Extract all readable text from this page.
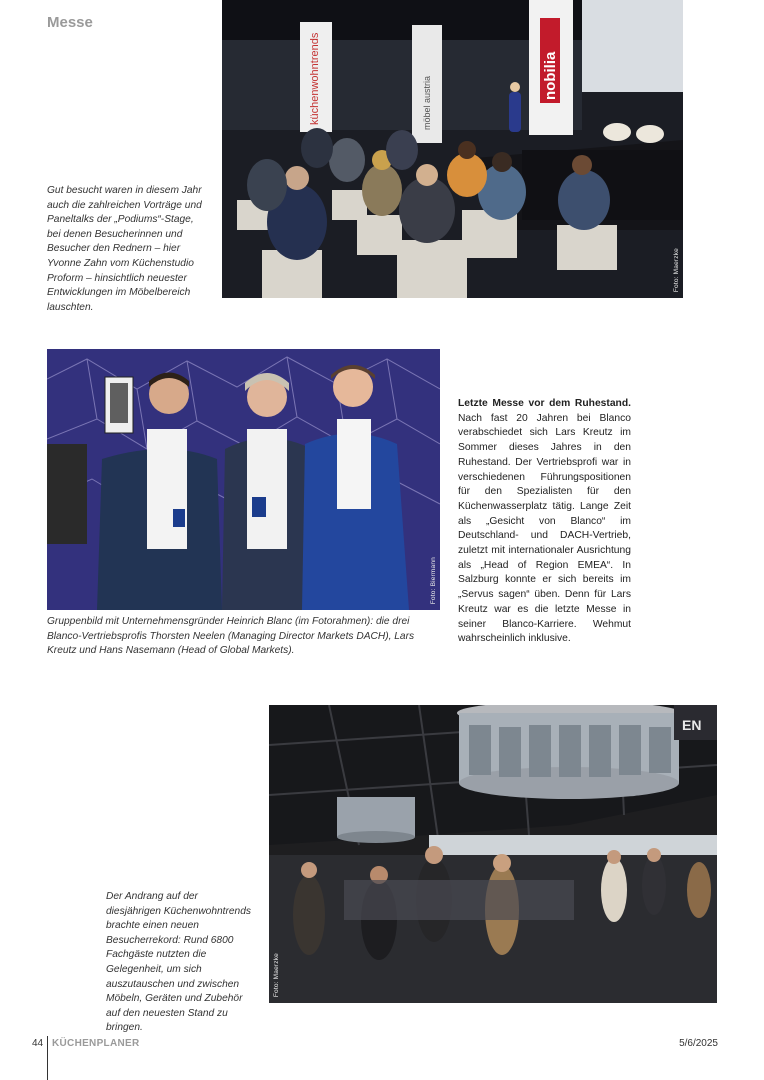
Messe
küchenwohntrends	möbel austria
nobilia
Foto: Maerzke

Gut besucht waren in diesem Jahr auch die zahlreichen Vorträge und Paneltalks der „Podiums“-Stage, bei denen Besucherinnen und Besucher den Rednern – hier Yvonne Zahn vom Küchenstudio Proform – hinsichtlich neuester Entwicklungen im Möbelbereich lauschten.

Foto: Biermann

Gruppenbild mit Unternehmensgründer Heinrich Blanc (im Fotorahmen): die drei Blanco-Vertriebsprofis Thorsten Neelen (Managing Director Markets DACH), Lars Kreutz und Hans Nasemann (Head of Global Markets).

Letzte Messe vor dem Ruhestand. Nach fast 20 Jahren bei Blanco verabschiedet sich Lars Kreutz im Sommer dieses Jahres in den Ruhestand. Der Vertriebsprofi war in verschiedenen Führungspositionen für den Spezialisten für den Küchenwasserplatz tätig. Lange Zeit als „Gesicht von Blanco“ im Deutschland- und DACH-Vertrieb, zuletzt mit internationaler Ausrichtung als „Head of Region EMEA“. In Salzburg konnte er sich bereits im „Servus sagen“ üben. Denn für Lars Kreutz war es die letzte Messe in seiner Blanco-Karriere. Wehmut wahrscheinlich inklusive.

EN
Foto: Maerzke

Der Andrang auf der diesjährigen Küchenwohntrends brachte einen neuen Besucherrekord: Rund 6800 Fachgäste nutzten die Gelegenheit, um sich auszutauschen und zwischen Möbeln, Geräten und Zubehör auf den neuesten Stand zu bringen.

44 KÜCHENPLANER	5/6/2025
